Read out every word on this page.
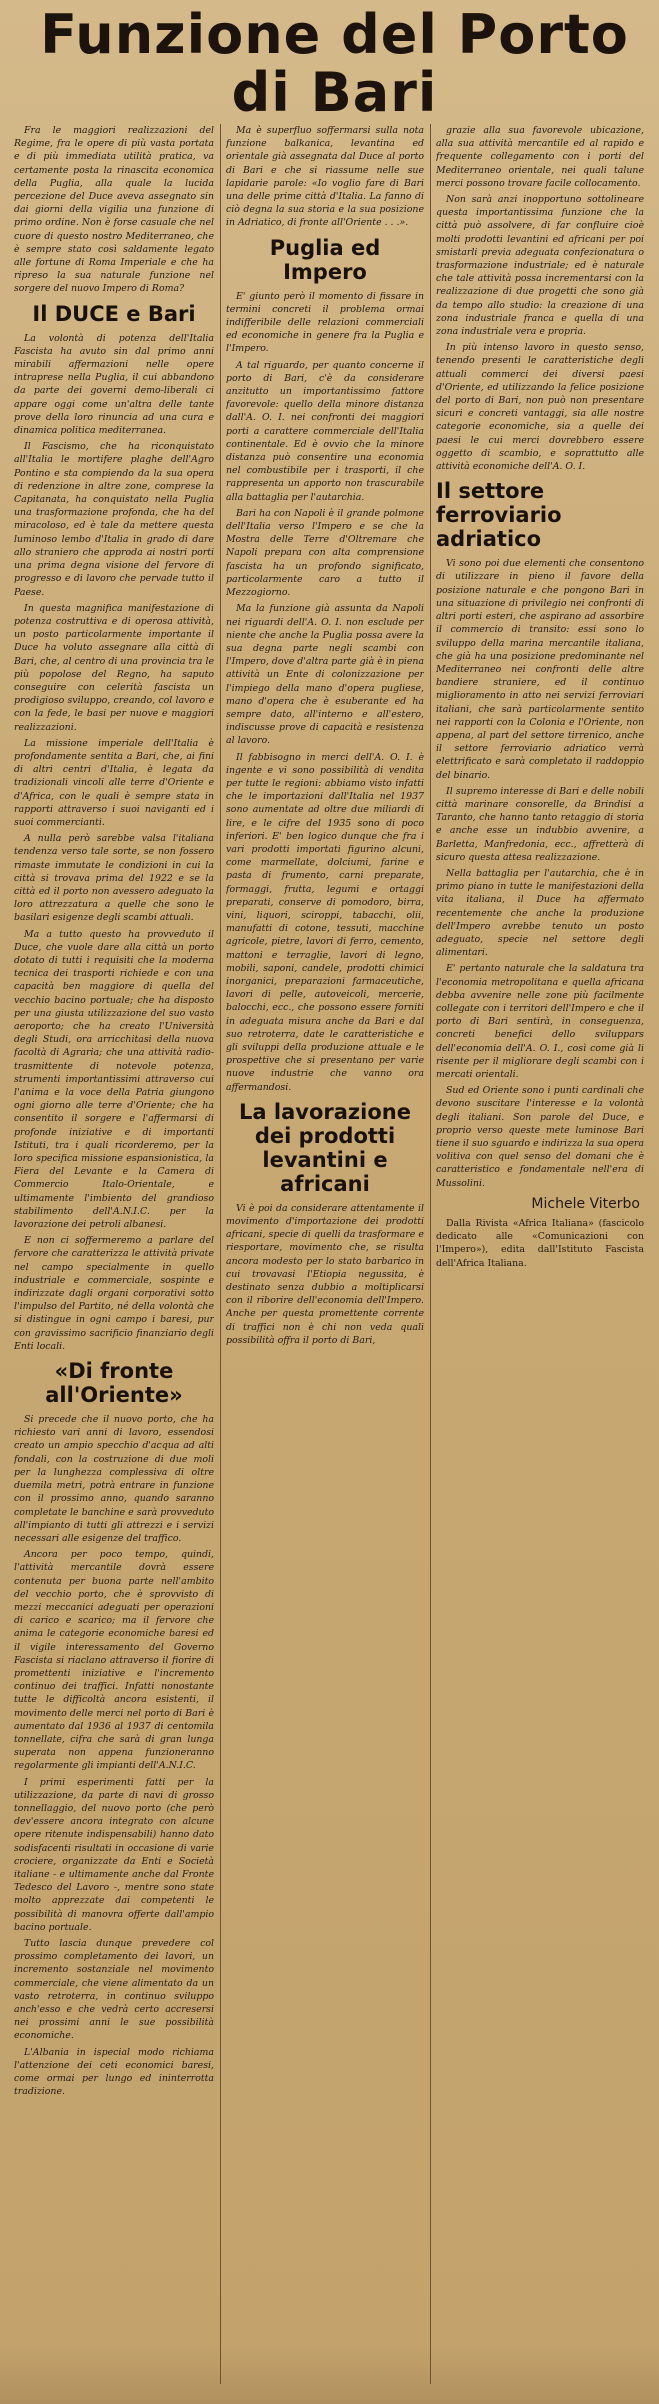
Funzione del Porto di Bari

Fra le maggiori realizzazioni del Regime, fra le opere di più vasta portata e di più immediata utilità pratica, va certamente posta la rinascita economica della Puglia, alla quale la lucida percezione del Duce aveva assegnato sin dai giorni della vigilia una funzione di primo ordine. Non è forse casuale che nel cuore di questo nostro Mediterraneo, che è sempre stato così saldamente legato alle fortune di Roma Imperiale e che ha ripreso la sua naturale funzione nel sorgere del nuovo Impero di Roma?

Il DUCE e Bari

La volontà di potenza dell'Italia Fascista ha avuto sin dal primo anni mirabili affermazioni nelle opere intraprese nella Puglia, il cui abbandono da parte dei governi demo-liberali ci appare oggi come un'altra delle tante prove della loro rinuncia ad una cura e dinamica politica mediterranea.

Il Fascismo, che ha riconquistato all'Italia le mortifere plaghe dell'Agro Pontino e sta compiendo da la sua opera di redenzione in altre zone, comprese la Capitanata, ha conquistato nella Puglia una trasformazione profonda, che ha del miracoloso, ed è tale da mettere questa luminoso lembo d'Italia in grado di dare allo straniero che approda ai nostri porti una prima degna visione del fervore di progresso e di lavoro che pervade tutto il Paese.

In questa magnifica manifestazione di potenza costruttiva e di operosa attività, un posto particolarmente importante il Duce ha voluto assegnare alla città di Bari, che, al centro di una provincia tra le più popolose del Regno, ha saputo conseguire con celerità fascista un prodigioso sviluppo, creando, col lavoro e con la fede, le basi per nuove e maggiori realizzazioni.

La missione imperiale dell'Italia è profondamente sentita a Bari, che, ai fini di altri centri d'Italia, è legata da tradizionali vincoli alle terre d'Oriente e d'Africa, con le quali è sempre stata in rapporti attraverso i suoi naviganti ed i suoi commercianti.

A nulla però sarebbe valsa l'italiana tendenza verso tale sorte, se non fossero rimaste immutate le condizioni in cui la città si trovava prima del 1922 e se la città ed il porto non avessero adeguato la loro attrezzatura a quelle che sono le basilari esigenze degli scambi attuali.

Ma a tutto questo ha provveduto il Duce, che vuole dare alla città un porto dotato di tutti i requisiti che la moderna tecnica dei trasporti richiede e con una capacità ben maggiore di quella del vecchio bacino portuale; che ha disposto per una giusta utilizzazione del suo vasto aeroporto; che ha creato l'Università degli Studi, ora arricchitasi della nuova facoltà di Agraria; che una attività radio-trasmittente di notevole potenza, strumenti importantissimi attraverso cui l'anima e la voce della Patria giungono ogni giorno alle terre d'Oriente; che ha consentito il sorgere e l'affermarsi di profonde iniziative e di importanti Istituti, tra i quali ricorderemo, per la loro specifica missione espansionistica, la Fiera del Levante e la Camera di Commercio Italo-Orientale, e ultimamente l'imbiento del grandioso stabilimento dell'A.N.I.C. per la lavorazione dei petroli albanesi.

E non ci soffermeremo a parlare del fervore che caratterizza le attività private nel campo specialmente in quello industriale e commerciale, sospinte e indirizzate dagli organi corporativi sotto l'impulso del Partito, né della volontà che si distingue in ogni campo i baresi, pur con gravissimo sacrificio finanziario degli Enti locali.

«Di fronte all'Oriente»

Si precede che il nuovo porto, che ha richiesto vari anni di lavoro, essendosi creato un ampio specchio d'acqua ad alti fondali, con la costruzione di due moli per la lunghezza complessiva di oltre duemila metri, potrà entrare in funzione con il prossimo anno, quando saranno completate le banchine e sarà provveduto all'impianto di tutti gli attrezzi e i servizi necessari alle esigenze del traffico.

Ancora per poco tempo, quindi, l'attività mercantile dovrà essere contenuta per buona parte nell'ambito del vecchio porto, che è sprovvisto di mezzi meccanici adeguati per operazioni di carico e scarico; ma il fervore che anima le categorie economiche baresi ed il vigile interessamento del Governo Fascista si riaclano attraverso il fiorire di promettenti iniziative e l'incremento continuo dei traffici. Infatti nonostante tutte le difficoltà ancora esistenti, il movimento delle merci nel porto di Bari è aumentato dal 1936 al 1937 di centomila tonnellate, cifra che sarà di gran lunga superata non appena funzioneranno regolarmente gli impianti dell'A.N.I.C.

I primi esperimenti fatti per la utilizzazione, da parte di navi di grosso tonnellaggio, del nuovo porto (che però dev'essere ancora integrato con alcune opere ritenute indispensabili) hanno dato sodisfacenti risultati in occasione di varie crociere, organizzate da Enti e Società italiane - e ultimamente anche dal Fronte Tedesco del Lavoro -, mentre sono state molto apprezzate dai competenti le possibilità di manovra offerte dall'ampio bacino portuale.

Tutto lascia dunque prevedere col prossimo completamento dei lavori, un incremento sostanziale nel movimento commerciale, che viene alimentato da un vasto retroterra, in continuo sviluppo anch'esso e che vedrà certo accresersi nei prossimi anni le sue possibilità economiche.

L'Albania in ispecial modo richiama l'attenzione dei ceti economici baresi, come ormai per lungo ed ininterrotta tradizione.

Ma è superfluo soffermarsi sulla nota funzione balkanica, levantina ed orientale già assegnata dal Duce al porto di Bari e che si riassume nelle sue lapidarie parole: «Io voglio fare di Bari una delle prime città d'Italia. La fanno di ciò degna la sua storia e la sua posizione in Adriatico, di fronte all'Oriente . . .».

Puglia ed Impero

E' giunto però il momento di fissare in termini concreti il problema ormai indifferibile delle relazioni commerciali ed economiche in genere fra la Puglia e l'Impero.

A tal riguardo, per quanto concerne il porto di Bari, c'è da considerare anzitutto un importantissimo fattore favorevole: quello della minore distanza dall'A. O. I. nei confronti dei maggiori porti a carattere commerciale dell'Italia continentale. Ed è ovvio che la minore distanza può consentire una economia nel combustibile per i trasporti, il che rappresenta un apporto non trascurabile alla battaglia per l'autarchia.

Bari ha con Napoli è il grande polmone dell'Italia verso l'Impero e se che la Mostra delle Terre d'Oltremare che Napoli prepara con alta comprensione fascista ha un profondo significato, particolarmente caro a tutto il Mezzogiorno.

Ma la funzione già assunta da Napoli nei riguardi dell'A. O. I. non esclude per niente che anche la Puglia possa avere la sua degna parte negli scambi con l'Impero, dove d'altra parte già è in piena attività un Ente di colonizzazione per l'impiego della mano d'opera pugliese, mano d'opera che è esuberante ed ha sempre dato, all'interno e all'estero, indiscusse prove di capacità e resistenza al lavoro.

Il fabbisogno in merci dell'A. O. I. è ingente e vi sono possibilità di vendita per tutte le regioni: abbiamo visto infatti che le importazioni dall'Italia nel 1937 sono aumentate ad oltre due miliardi di lire, e le cifre del 1935 sono di poco inferiori. E' ben logico dunque che fra i vari prodotti importati figurino alcuni, come marmellate, dolciumi, farine e pasta di frumento, carni preparate, formaggi, frutta, legumi e ortaggi preparati, conserve di pomodoro, birra, vini, liquori, sciroppi, tabacchi, olii, manufatti di cotone, tessuti, macchine agricole, pietre, lavori di ferro, cemento, mattoni e terraglie, lavori di legno, mobili, saponi, candele, prodotti chimici inorganici, preparazioni farmaceutiche, lavori di pelle, autoveicoli, mercerie, balocchi, ecc., che possono essere forniti in adeguata misura anche da Bari e dal suo retroterra, date le caratteristiche e gli sviluppi della produzione attuale e le prospettive che si presentano per varie nuove industrie che vanno ora affermandosi.

La lavorazione dei prodotti levantini e africani

Vi è poi da considerare attentamente il movimento d'importazione dei prodotti africani, specie di quelli da trasformare e riesportare, movimento che, se risulta ancora modesto per lo stato barbarico in cui trovavasi l'Etiopia negussita, è destinato senza dubbio a moltiplicarsi con il riborire dell'economia dell'Impero. Anche per questa promettente corrente di traffici non è chi non veda quali possibilità offra il porto di Bari,

grazie alla sua favorevole ubicazione, alla sua attività mercantile ed al rapido e frequente collegamento con i porti del Mediterraneo orientale, nei quali talune merci possono trovare facile collocamento.

Non sarà anzi inopportuno sottolineare questa importantissima funzione che la città può assolvere, di far confluire cioè molti prodotti levantini ed africani per poi smistarli previa adeguata confezionatura o trasformazione industriale; ed è naturale che tale attività possa incrementarsi con la realizzazione di due progetti che sono già da tempo allo studio: la creazione di una zona industriale franca e quella di una zona industriale vera e propria.

In più intenso lavoro in questo senso, tenendo presenti le caratteristiche degli attuali commerci dei diversi paesi d'Oriente, ed utilizzando la felice posizione del porto di Bari, non può non presentare sicuri e concreti vantaggi, sia alle nostre categorie economiche, sia a quelle dei paesi le cui merci dovrebbero essere oggetto di scambio, e soprattutto alle attività economiche dell'A. O. I.

Il settore ferroviario adriatico

Vi sono poi due elementi che consentono di utilizzare in pieno il favore della posizione naturale e che pongono Bari in una situazione di privilegio nei confronti di altri porti esteri, che aspirano ad assorbire il commercio di transito: essi sono lo sviluppo della marina mercantile italiana, che già ha una posizione predominante nel Mediterraneo nei confronti delle altre bandiere straniere, ed il continuo miglioramento in atto nei servizi ferroviari italiani, che sarà particolarmente sentito nei rapporti con la Colonia e l'Oriente, non appena, al part del settore tirrenico, anche il settore ferroviario adriatico verrà elettrificato e sarà completato il raddoppio del binario.

Il supremo interesse di Bari e delle nobili città marinare consorelle, da Brindisi a Taranto, che hanno tanto retaggio di storia e anche esse un indubbio avvenire, a Barletta, Manfredonia, ecc., affretterà di sicuro questa attesa realizzazione.

Nella battaglia per l'autarchia, che è in primo piano in tutte le manifestazioni della vita italiana, il Duce ha affermato recentemente che anche la produzione dell'Impero avrebbe tenuto un posto adeguato, specie nel settore degli alimentari.

E' pertanto naturale che la saldatura tra l'economia metropolitana e quella africana debba avvenire nelle zone più facilmente collegate con i territori dell'Impero e che il porto di Bari sentirà, in conseguenza, concreti benefici dello sviluppars dell'economia dell'A. O. I., così come già li risente per il migliorare degli scambi con i mercati orientali.

Sud ed Oriente sono i punti cardinali che devono suscitare l'interesse e la volontà degli italiani. Son parole del Duce, e proprio verso queste mete luminose Bari tiene il suo sguardo e indirizza la sua opera volitiva con quel senso del domani che è caratteristico e fondamentale nell'era di Mussolini.

Michele Viterbo

Dalla Rivista «Africa Italiana» (fascicolo dedicato alle «Comunicazioni con l'Impero»), edita dall'Istituto Fascista dell'Africa Italiana.
